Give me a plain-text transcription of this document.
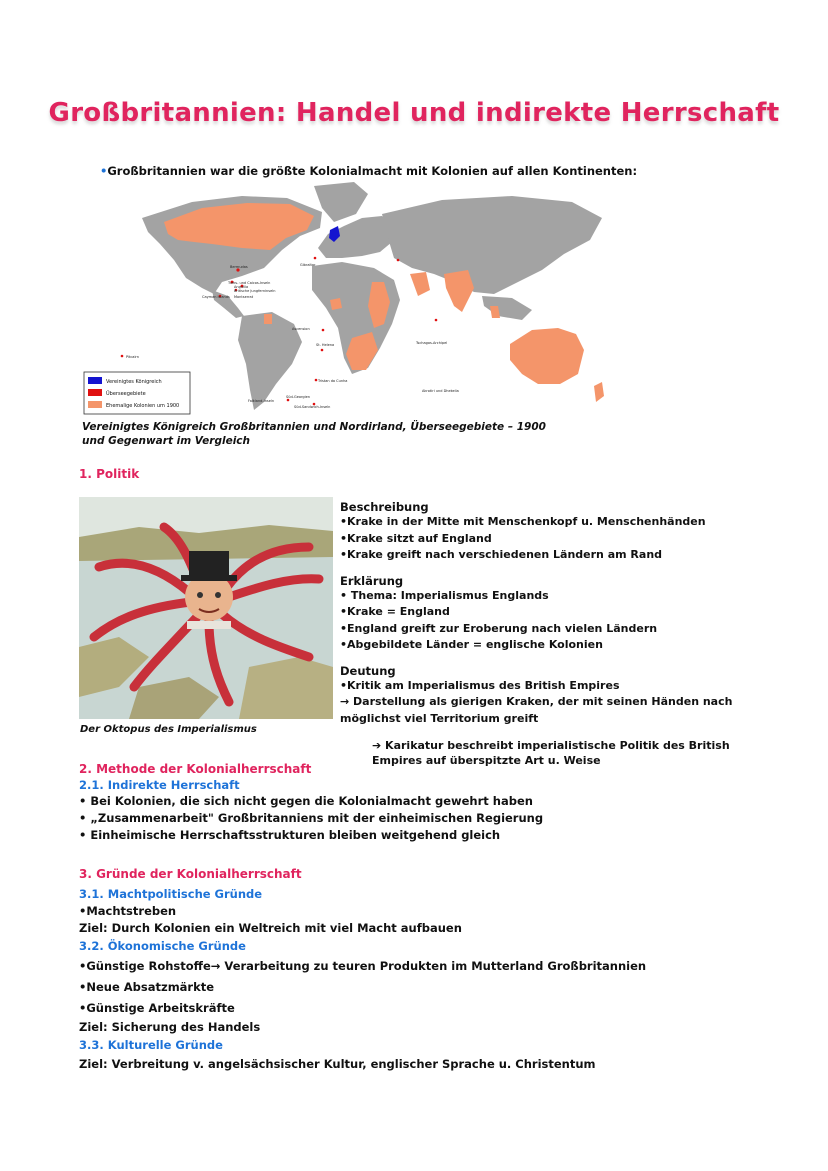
Großbritannien: Handel und indirekte Herrschaft
•Großbritannien war die größte Kolonialmacht mit Kolonien auf allen Kontinenten:
Bermudas
Turks- und Caicos-Inseln
Anguilla
Britische Jungferninseln
Montserrat
Cayman Islands
Gibraltar
Ascension
St. Helena
Tristan da Cunha
Falkland-Inseln
Süd-Georgien
Süd-Sandwich-Inseln
Pitcairn
Tschagos-Archipel
Akrotiri und Dhekelia
Vereinigtes Königreich
Überseegebiete
Ehemalige Kolonien um 1900
Vereinigtes Königreich Großbritannien und Nordirland, Überseegebiete – 1900 und Gegenwart im Vergleich
1. Politik
Der Oktopus des Imperialismus
Beschreibung
•Krake in der Mitte mit Menschenkopf u. Menschenhänden
•Krake sitzt auf England
•Krake greift nach verschiedenen Ländern am Rand
Erklärung
• Thema: Imperialismus Englands
•Krake = England
•England greift zur Eroberung nach vielen Ländern
•Abgebildete Länder = englische Kolonien
Deutung
•Kritik am Imperialismus des British Empires
→ Darstellung als gierigen Kraken, der mit seinen Händen nach möglichst viel Territorium greift
➔ Karikatur beschreibt imperialistische Politik des British Empires auf überspitzte Art u. Weise
2. Methode der Kolonialherrschaft
2.1. Indirekte Herrschaft
• Bei Kolonien, die sich nicht gegen die Kolonialmacht gewehrt haben
• „Zusammenarbeit" Großbritanniens mit der einheimischen Regierung
• Einheimische Herrschaftsstrukturen bleiben weitgehend gleich
3. Gründe der Kolonialherrschaft
3.1. Machtpolitische Gründe
•Machtstreben
Ziel: Durch Kolonien ein Weltreich mit viel Macht aufbauen
3.2. Ökonomische Gründe
•Günstige Rohstoffe→ Verarbeitung zu teuren Produkten im Mutterland Großbritannien
•Neue Absatzmärkte
•Günstige Arbeitskräfte
Ziel: Sicherung des Handels
3.3. Kulturelle Gründe
Ziel: Verbreitung v. angelsächsischer Kultur, englischer Sprache u. Christentum
